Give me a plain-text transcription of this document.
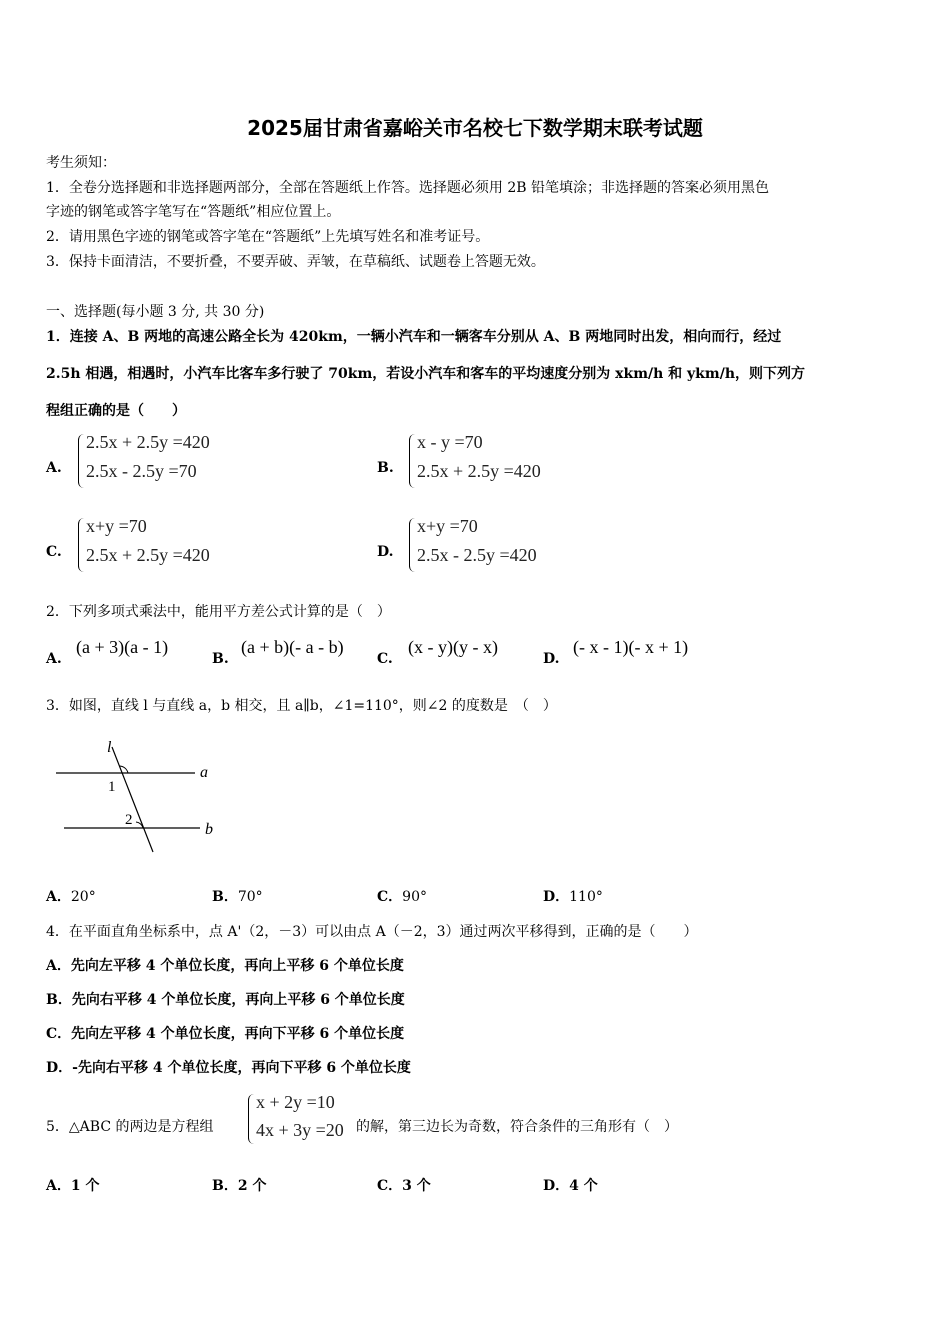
2025届甘肃省嘉峪关市名校七下数学期末联考试题
考生须知：
1．全卷分选择题和非选择题两部分，全部在答题纸上作答。选择题必须用 2B 铅笔填涂；非选择题的答案必须用黑色
字迹的钢笔或答字笔写在“答题纸”相应位置上。
2．请用黑色字迹的钢笔或答字笔在“答题纸”上先填写姓名和准考证号。
3．保持卡面清洁，不要折叠，不要弄破、弄皱，在草稿纸、试题卷上答题无效。
一、选择题(每小题 3 分, 共 30 分)
1．连接 A、B 两地的高速公路全长为 420km，一辆小汽车和一辆客车分别从 A、B 两地同时出发，相向而行，经过
2.5h 相遇，相遇时，小汽车比客车多行驶了 70km，若设小汽车和客车的平均速度分别为 xkm/h 和 ykm/h，则下列方
程组正确的是（　　）
A.
2.5x + 2.5y =420
2.5x - 2.5y =70	B.
x - y =70
2.5x + 2.5y =420
C.
x+y =70
2.5x + 2.5y =420	D.
x+y =70
2.5x - 2.5y =420
2．下列多项式乘法中，能用平方差公式计算的是（　）
A.
(a + 3)(a - 1)
B.
(a + b)(- a - b)
C.
(x - y)(y - x)
D.
(- x - 1)(- x + 1)
3．如图，直线 l 与直线 a，b 相交，且 a∥b，∠1=110°，则∠2 的度数是　（　）
l
a
b
1
2
A．20°	B．70°	C．90°	D．110°
4．在平面直角坐标系中，点 A'（2，－3）可以由点 A（－2，3）通过两次平移得到，正确的是（　　）
A．先向左平移 4 个单位长度，再向上平移 6 个单位长度
B．先向右平移 4 个单位长度，再向上平移 6 个单位长度
C．先向左平移 4 个单位长度，再向下平移 6 个单位长度
D．-先向右平移 4 个单位长度，再向下平移 6 个单位长度
5．△ABC 的两边是方程组
x + 2y =10
4x + 3y =20 的解，第三边长为奇数，符合条件的三角形有（　）
A．1 个	B．2 个	C．3 个	D．4 个
